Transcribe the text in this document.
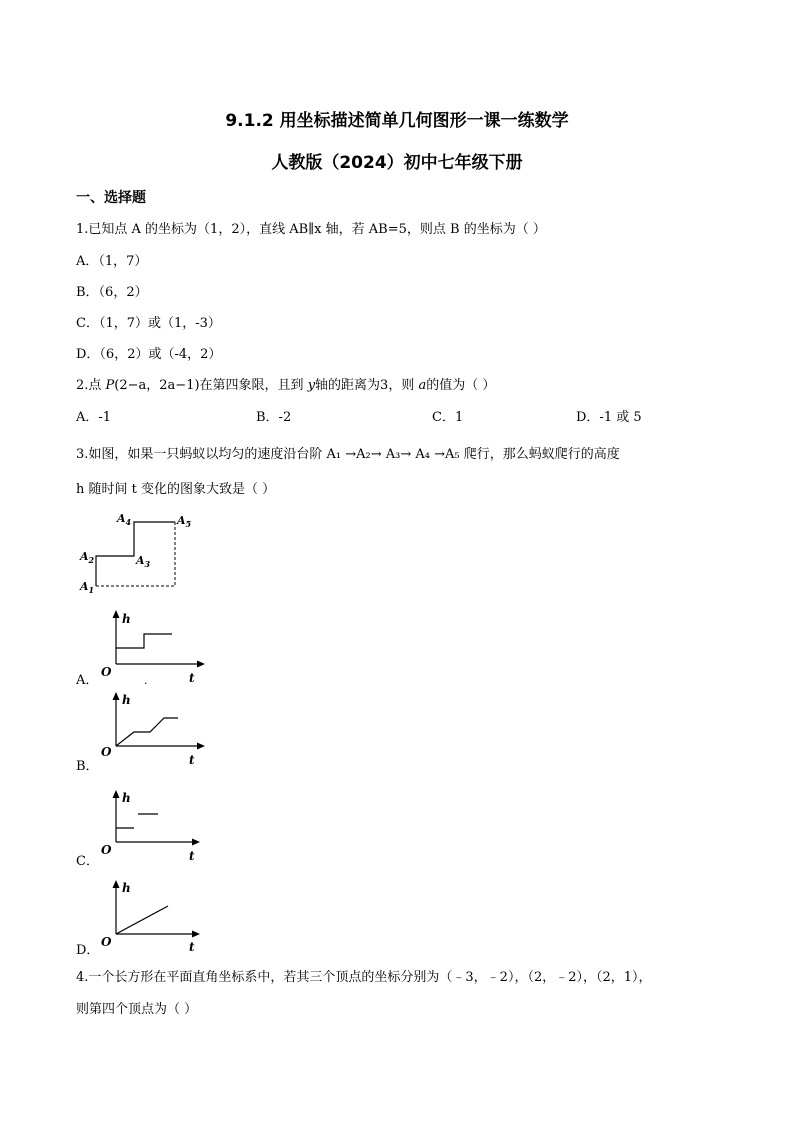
9.1.2 用坐标描述简单几何图形一课一练数学
人教版（2024）初中七年级下册
一、选择题
1.已知点 A 的坐标为（1，2），直线 AB∥x 轴，若 AB=5，则点 B 的坐标为（ ）
A．（1，7）
B．（6，2）
C．（1，7）或（1，-3）
D．（6，2）或（-4，2）
2.点 P(2−a，2a−1)在第四象限，且到 y轴的距离为3，则 a的值为（ ）
A．-1	B．-2	C．1	D．-1 或 5
3.如图，如果一只蚂蚁以均匀的速度沿台阶 A₁ →A₂→ A₃→ A₄ →A₅ 爬行，那么蚂蚁爬行的高度
h 随时间 t 变化的图象大致是（ ）
$A_2$
$A_1$
$A_3$
$A_4$	$A_5$
A．
h
t
O
.
B．
h
t
O
C．
h
t
O
D．
h
t
O
4.一个长方形在平面直角坐标系中，若其三个顶点的坐标分别为（﹣3，﹣2），（2，﹣2），（2，1），
则第四个顶点为（ ）
